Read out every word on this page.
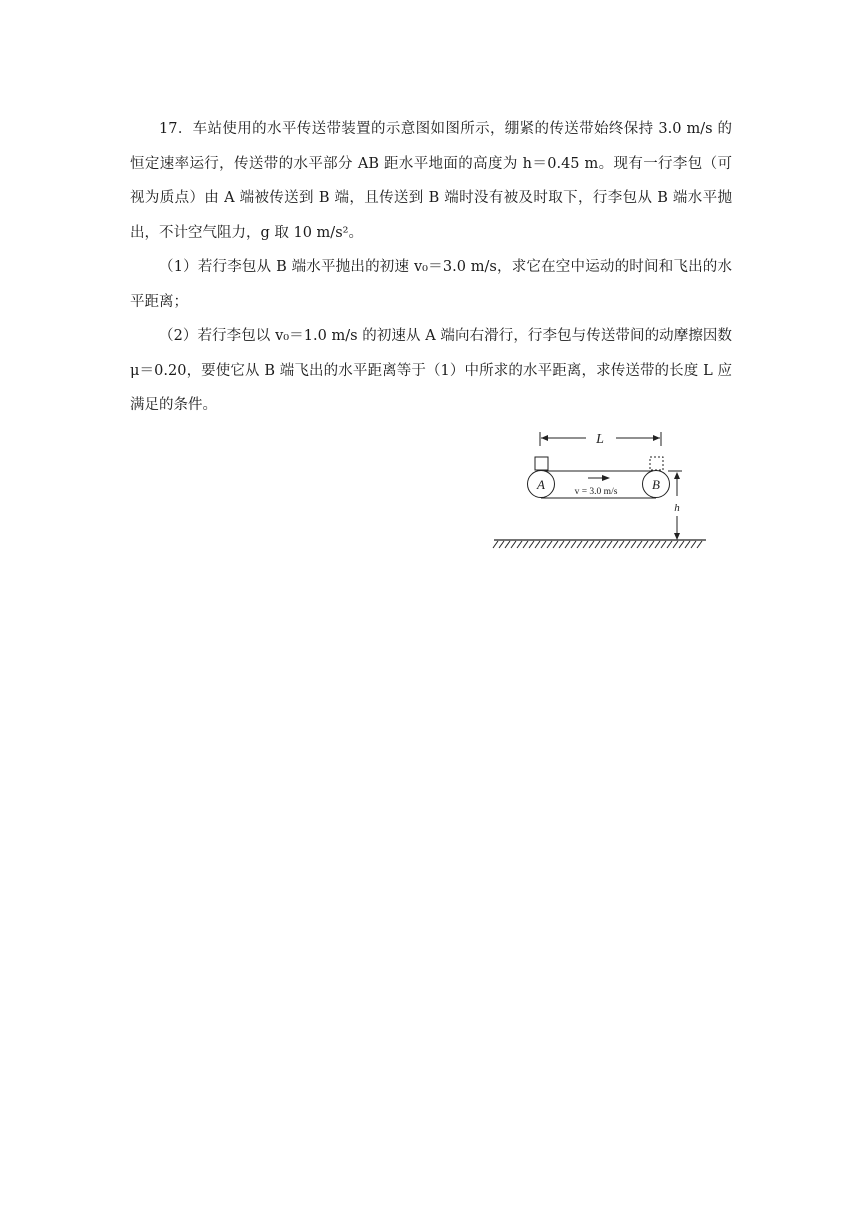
17．车站使用的水平传送带装置的示意图如图所示，绷紧的传送带始终保持 3.0 m/s 的恒定速率运行，传送带的水平部分 AB 距水平地面的高度为 h＝0.45 m。现有一行李包（可视为质点）由 A 端被传送到 B 端，且传送到 B 端时没有被及时取下，行李包从 B 端水平抛出，不计空气阻力，g 取 10 m/s²。

（1）若行李包从 B 端水平抛出的初速 v₀＝3.0 m/s，求它在空中运动的时间和飞出的水平距离；

（2）若行李包以 v₀＝1.0 m/s 的初速从 A 端向右滑行，行李包与传送带间的动摩擦因数 μ＝0.20，要使它从 B 端飞出的水平距离等于（1）中所求的水平距离，求传送带的长度 L 应满足的条件。

L
A	B
v = 3.0 m/s
h
